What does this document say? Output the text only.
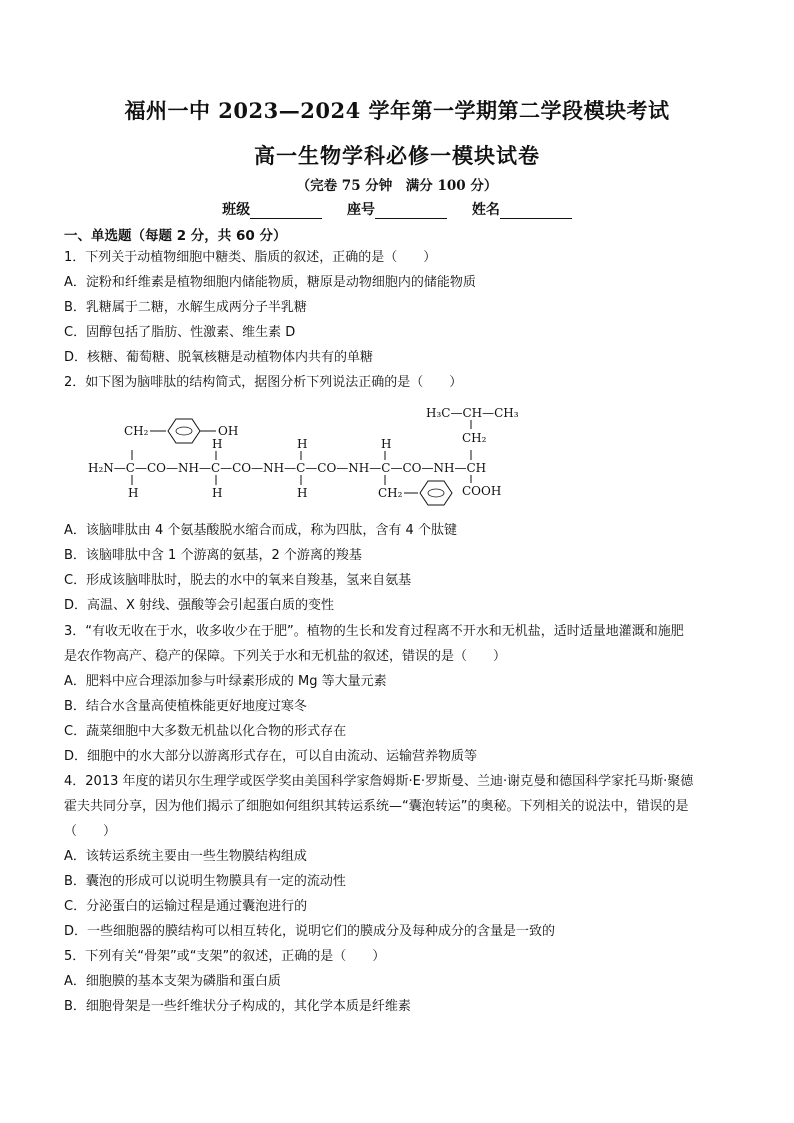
福州一中 2023—2024 学年第一学期第二学段模块考试
高一生物学科必修一模块试卷
（完卷 75 分钟　满分 100 分）
班级	座号	姓名
一、单选题（每题 2 分，共 60 分）
1．下列关于动植物细胞中糖类、脂质的叙述，正确的是（　　）
A．淀粉和纤维素是植物细胞内储能物质，糖原是动物细胞内的储能物质
B．乳糖属于二糖，水解生成两分子半乳糖
C．固醇包括了脂肪、性激素、维生素 D
D．核糖、葡萄糖、脱氧核糖是动植物体内共有的单糖
2．如下图为脑啡肽的结构简式，据图分析下列说法正确的是（　　）
H₂N—C—CO—NH—C—CO—NH—C—CO—NH—C—CO—NH—CH
H	H	H
H	H	H
CH₂	OH
CH₂
H₃C—CH—CH₃
CH₂
COOH
A．该脑啡肽由 4 个氨基酸脱水缩合而成，称为四肽，含有 4 个肽键
B．该脑啡肽中含 1 个游离的氨基，2 个游离的羧基
C．形成该脑啡肽时，脱去的水中的氧来自羧基，氢来自氨基
D．高温、X 射线、强酸等会引起蛋白质的变性
3．“有收无收在于水，收多收少在于肥”。植物的生长和发育过程离不开水和无机盐，适时适量地灌溉和施肥
是农作物高产、稳产的保障。下列关于水和无机盐的叙述，错误的是（　　）
A．肥料中应合理添加参与叶绿素形成的 Mg 等大量元素
B．结合水含量高使植株能更好地度过寒冬
C．蔬菜细胞中大多数无机盐以化合物的形式存在
D．细胞中的水大部分以游离形式存在，可以自由流动、运输营养物质等
4．2013 年度的诺贝尔生理学或医学奖由美国科学家詹姆斯·E·罗斯曼、兰迪·谢克曼和德国科学家托马斯·聚德
霍夫共同分享，因为他们揭示了细胞如何组织其转运系统—“囊泡转运”的奥秘。下列相关的说法中，错误的是
（　　）
A．该转运系统主要由一些生物膜结构组成
B．囊泡的形成可以说明生物膜具有一定的流动性
C．分泌蛋白的运输过程是通过囊泡进行的
D．一些细胞器的膜结构可以相互转化，说明它们的膜成分及每种成分的含量是一致的
5．下列有关“骨架”或“支架”的叙述，正确的是（　　）
A．细胞膜的基本支架为磷脂和蛋白质
B．细胞骨架是一些纤维状分子构成的，其化学本质是纤维素
